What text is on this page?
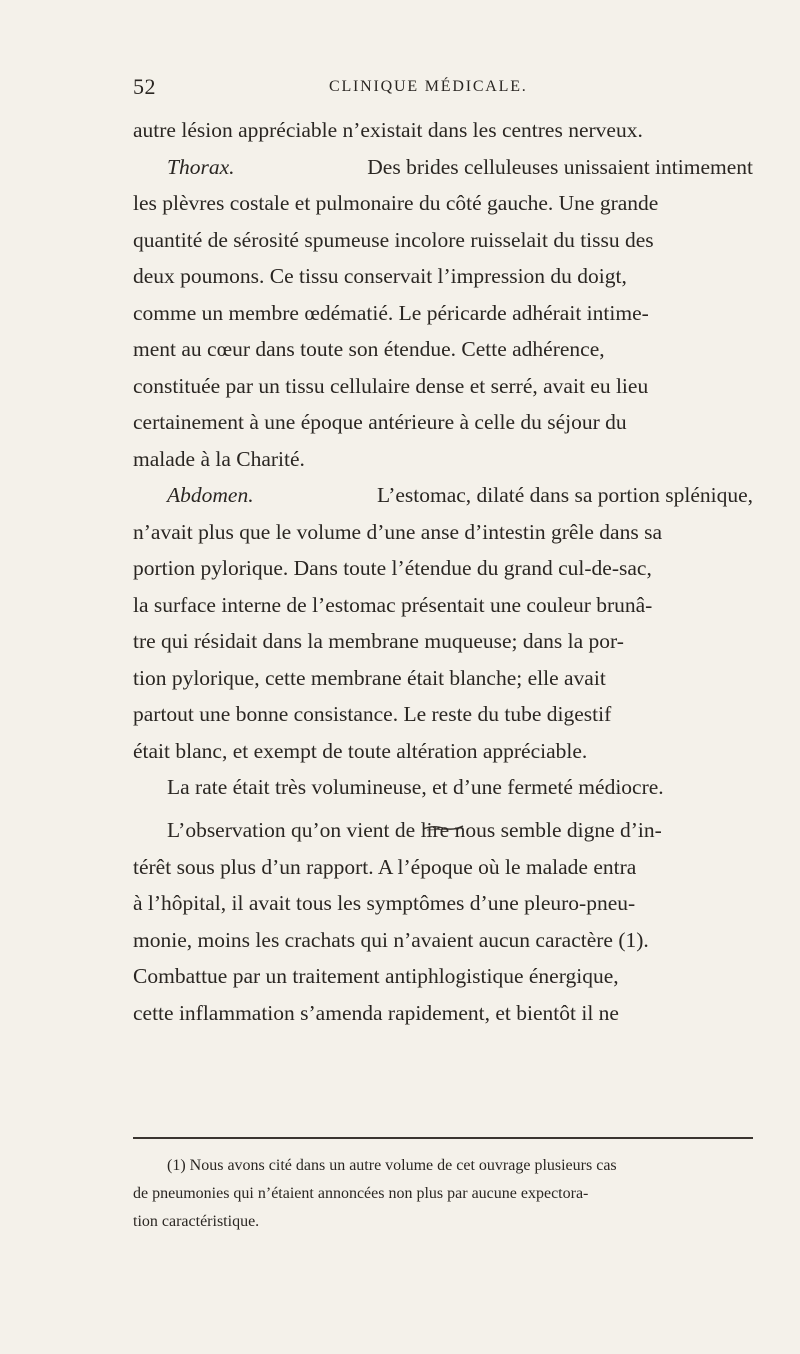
52	CLINIQUE MÉDICALE.
autre lésion appréciable n’existait dans les centres nerveux.
Thorax.	Des brides celluleuses unissaient intimement
les plèvres costale et pulmonaire du côté gauche. Une grande
quantité de sérosité spumeuse incolore ruisselait du tissu des
deux poumons. Ce tissu conservait l’impression du doigt,
comme un membre œdématié. Le péricarde adhérait intime-
ment au cœur dans toute son étendue. Cette adhérence,
constituée par un tissu cellulaire dense et serré, avait eu lieu
certainement à une époque antérieure à celle du séjour du
malade à la Charité.
Abdomen.	L’estomac, dilaté dans sa portion splénique,
n’avait plus que le volume d’une anse d’intestin grêle dans sa
portion pylorique. Dans toute l’étendue du grand cul-de-sac,
la surface interne de l’estomac présentait une couleur brunâ-
tre qui résidait dans la membrane muqueuse; dans la por-
tion pylorique, cette membrane était blanche; elle avait
partout une bonne consistance. Le reste du tube digestif
était blanc, et exempt de toute altération appréciable.
La rate était très volumineuse, et d’une fermeté médiocre.
L’observation qu’on vient de lire nous semble digne d’in-
térêt sous plus d’un rapport. A l’époque où le malade entra
à l’hôpital, il avait tous les symptômes d’une pleuro-pneu-
monie, moins les crachats qui n’avaient aucun caractère (1).
Combattue par un traitement antiphlogistique énergique,
cette inflammation s’amenda rapidement, et bientôt il ne
(1) Nous avons cité dans un autre volume de cet ouvrage plusieurs cas
de pneumonies qui n’étaient annoncées non plus par aucune expectora-
tion caractéristique.
